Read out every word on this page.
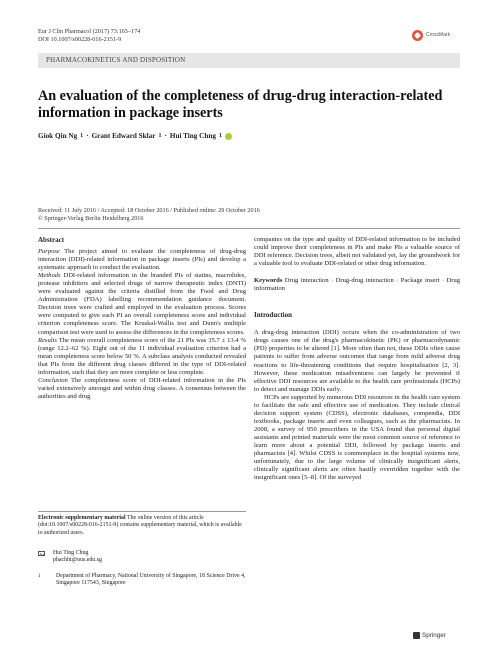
Eur J Clin Pharmacol (2017) 73:165–174
DOI 10.1007/s00228-016-2151-9
CrossMark
PHARMACOKINETICS AND DISPOSITION
An evaluation of the completeness of drug-drug interaction-related information in package inserts
Giok Qin Ng 1 · Grant Edward Sklar 1 · Hui Ting Chng 1
Received: 11 July 2016 / Accepted: 18 October 2016 / Published online: 29 October 2016
© Springer-Verlag Berlin Heidelberg 2016
Abstract

Purpose The project aimed to evaluate the completeness of drug-drug interaction (DDI)-related information in package inserts (PIs) and develop a systematic approach to conduct the evaluation.

Methods DDI-related information in the branded PIs of statins, macrolides, protease inhibitors and selected drugs of narrow therapeutic index (DNTI) were evaluated against the criteria distilled from the Food and Drug Administration (FDA) labelling recommendation guidance document. Decision trees were crafted and employed in the evaluation process. Scores were computed to give each PI an overall completeness score and individual criterion completeness score. The Kruskal-Wallis test and Dunn's multiple comparison test were used to assess the differences in the completeness scores.

Results The mean overall completeness score of the 21 PIs was 35.7 ± 13.4 % (range 12.2–62 %). Eight out of the 11 individual evaluation criterion had a mean completeness score below 50 %. A subclass analysis conducted revealed that PIs from the different drug classes differed in the type of DDI-related information, such that they are more complete or less complete.

Conclusion The completeness score of DDI-related information in the PIs varied extensively amongst and within drug classes. A consensus between the authorities and drug

Electronic supplementary material The online version of this article (doi:10.1007/s00228-016-2151-9) contains supplementary material, which is available to authorized users.
Hui Ting Chng
phachht@nus.edu.sg
1	Department of Pharmacy, National University of Singapore, 18 Science Drive 4, Singapore 117543, Singapore

companies on the type and quality of DDI-related information to be included could improve their completeness in PIs and make PIs a valuable source of DDI reference. Decision trees, albeit not validated yet, lay the groundwork for a valuable tool to evaluate DDI-related or other drug information.

Keywords Drug interaction · Drug-drug interaction · Package insert · Drug information
Introduction

A drug-drug interaction (DDI) occurs when the co-administration of two drugs causes one of the drug's pharmacokinetic (PK) or pharmacodynamic (PD) properties to be altered [1]. More often than not, these DDIs often cause patients to suffer from adverse outcomes that range from mild adverse drug reactions to life-threatening conditions that require hospitalisation [2, 3]. However, these medication misadventures can largely be prevented if effective DDI resources are available to the health care professionals (HCPs) to detect and manage DDIs early.

HCPs are supported by numerous DDI resources in the health care system to facilitate the safe and effective use of medication. They include clinical decision support system (CDSS), electronic databases, compendia, DDI textbooks, package inserts and even colleagues, such as the pharmacists. In 2008, a survey of 950 prescribers in the USA found that personal digital assistants and printed materials were the most common source of reference to learn more about a potential DDI, followed by package inserts and pharmacists [4]. Whilst CDSS is commonplace in the hospital systems now, unfortunately, due to the large volume of clinically insignificant alerts, clinically significant alerts are often hastily overridden together with the insignificant ones [5–8]. Of the surveyed

Springer
